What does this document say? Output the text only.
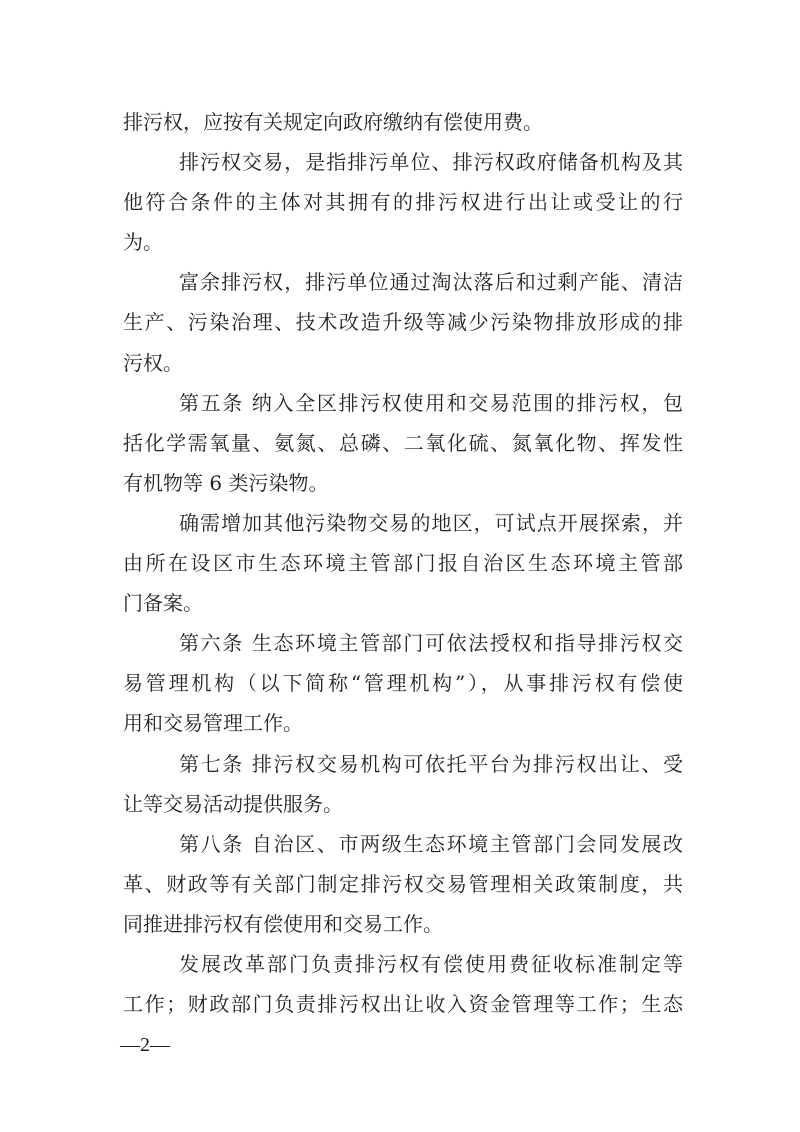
排污权，应按有关规定向政府缴纳有偿使用费。
排污权交易，是指排污单位、排污权政府储备机构及其
他符合条件的主体对其拥有的排污权进行出让或受让的行
为。
富余排污权，排污单位通过淘汰落后和过剩产能、清洁
生产、污染治理、技术改造升级等减少污染物排放形成的排
污权。
第五条 纳入全区排污权使用和交易范围的排污权，包
括化学需氧量、氨氮、总磷、二氧化硫、氮氧化物、挥发性
有机物等 6 类污染物。
确需增加其他污染物交易的地区，可试点开展探索，并
由所在设区市生态环境主管部门报自治区生态环境主管部
门备案。
第六条 生态环境主管部门可依法授权和指导排污权交
易管理机构（以下简称“管理机构”），从事排污权有偿使
用和交易管理工作。
第七条 排污权交易机构可依托平台为排污权出让、受
让等交易活动提供服务。
第八条 自治区、市两级生态环境主管部门会同发展改
革、财政等有关部门制定排污权交易管理相关政策制度，共
同推进排污权有偿使用和交易工作。
发展改革部门负责排污权有偿使用费征收标准制定等
工作；财政部门负责排污权出让收入资金管理等工作；生态
—2—
